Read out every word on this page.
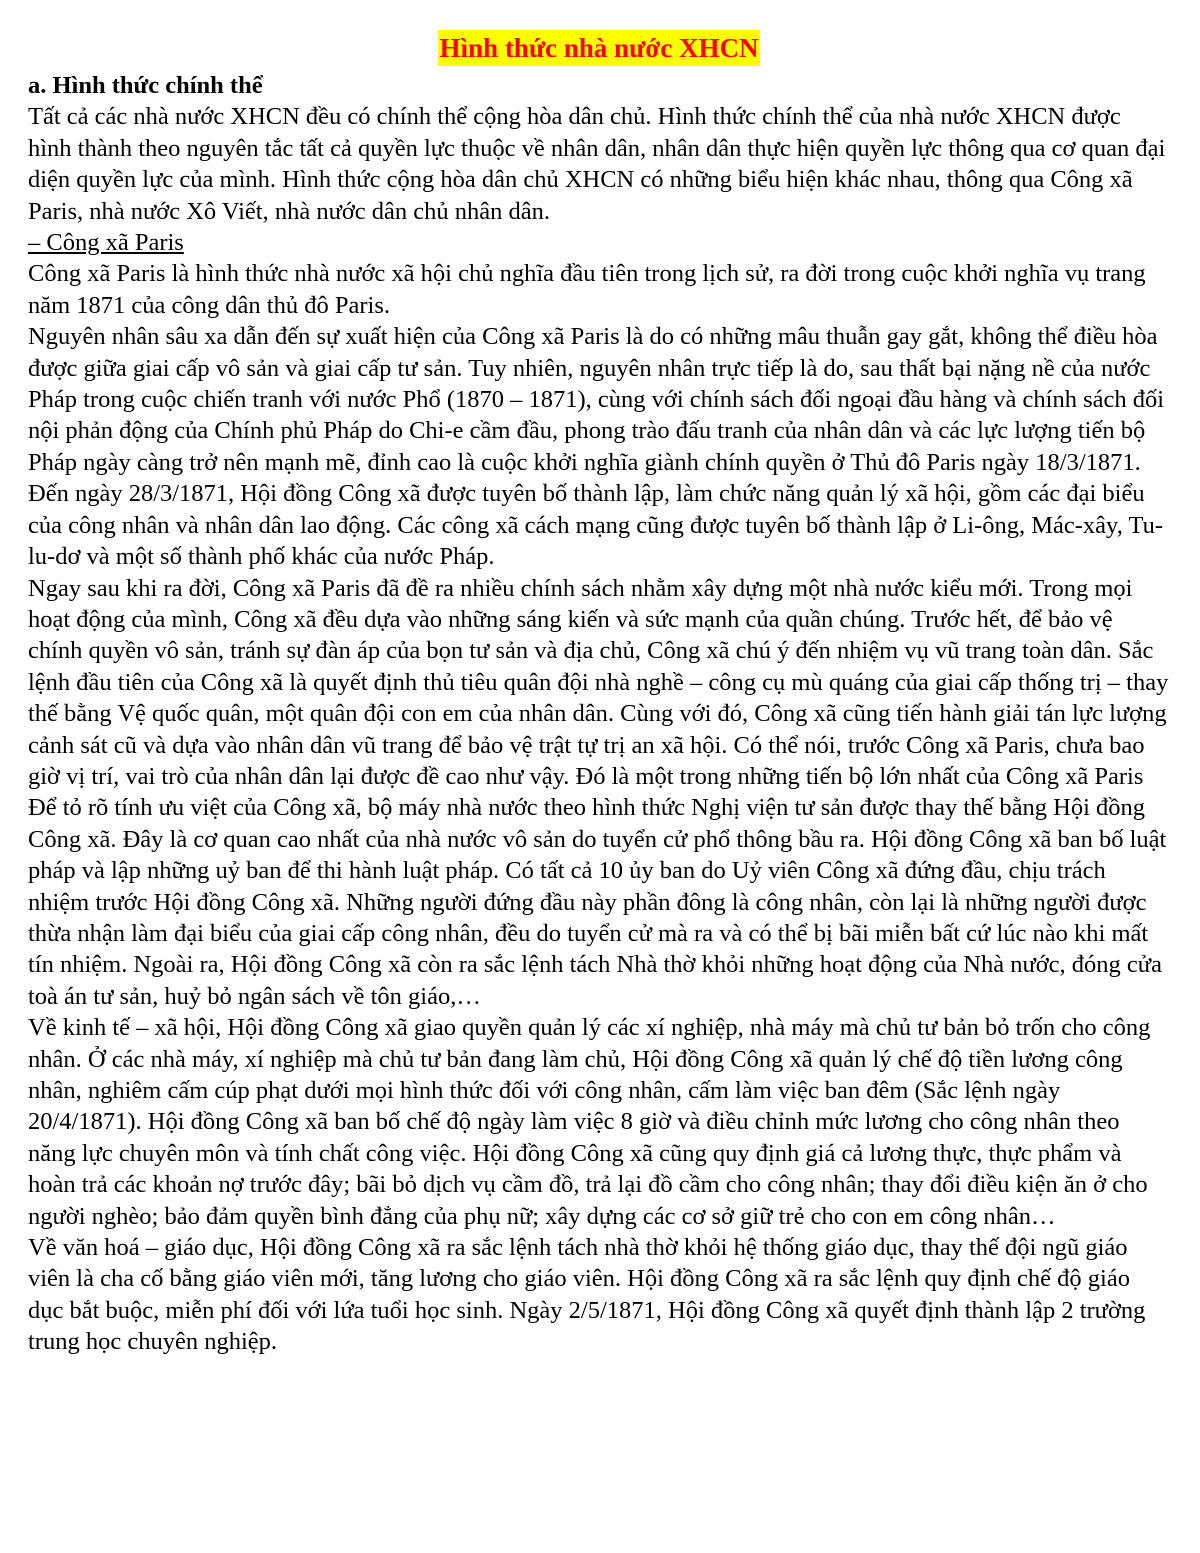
Hình thức nhà nước XHCN

a. Hình thức chính thể

Tất cả các nhà nước XHCN đều có chính thể cộng hòa dân chủ. Hình thức chính thể của nhà nước XHCN được hình thành theo nguyên tắc tất cả quyền lực thuộc về nhân dân, nhân dân thực hiện quyền lực thông qua cơ quan đại diện quyền lực của mình. Hình thức cộng hòa dân chủ XHCN có những biểu hiện khác nhau, thông qua Công xã Paris, nhà nước Xô Viết, nhà nước dân chủ nhân dân.

– Công xã Paris

Công xã Paris là hình thức nhà nước xã hội chủ nghĩa đầu tiên trong lịch sử, ra đời trong cuộc khởi nghĩa vụ trang năm 1871 của công dân thủ đô Paris.

Nguyên nhân sâu xa dẫn đến sự xuất hiện của Công xã Paris là do có những mâu thuẫn gay gắt, không thể điều hòa được giữa giai cấp vô sản và giai cấp tư sản. Tuy nhiên, nguyên nhân trực tiếp là do, sau thất bại nặng nề của nước Pháp trong cuộc chiến tranh với nước Phổ (1870 – 1871), cùng với chính sách đối ngoại đầu hàng và chính sách đối nội phản động của Chính phủ Pháp do Chi-e cầm đầu, phong trào đấu tranh của nhân dân và các lực lượng tiến bộ Pháp ngày càng trở nên mạnh mẽ, đỉnh cao là cuộc khởi nghĩa giành chính quyền ở Thủ đô Paris ngày 18/3/1871. Đến ngày 28/3/1871, Hội đồng Công xã được tuyên bố thành lập, làm chức năng quản lý xã hội, gồm các đại biểu của công nhân và nhân dân lao động. Các công xã cách mạng cũng được tuyên bố thành lập ở Li-ông, Mác-xây, Tu-lu-dơ và một số thành phố khác của nước Pháp.

Ngay sau khi ra đời, Công xã Paris đã đề ra nhiều chính sách nhằm xây dựng một nhà nước kiểu mới. Trong mọi hoạt động của mình, Công xã đều dựa vào những sáng kiến và sức mạnh của quần chúng. Trước hết, để bảo vệ chính quyền vô sản, tránh sự đàn áp của bọn tư sản và địa chủ, Công xã chú ý đến nhiệm vụ vũ trang toàn dân. Sắc lệnh đầu tiên của Công xã là quyết định thủ tiêu quân đội nhà nghề – công cụ mù quáng của giai cấp thống trị – thay thế bằng Vệ quốc quân, một quân đội con em của nhân dân. Cùng với đó, Công xã cũng tiến hành giải tán lực lượng cảnh sát cũ và dựa vào nhân dân vũ trang để bảo vệ trật tự trị an xã hội. Có thể nói, trước Công xã Paris, chưa bao giờ vị trí, vai trò của nhân dân lại được đề cao như vậy. Đó là một trong những tiến bộ lớn nhất của Công xã Paris

Để tỏ rõ tính ưu việt của Công xã, bộ máy nhà nước theo hình thức Nghị viện tư sản được thay thế bằng Hội đồng Công xã. Đây là cơ quan cao nhất của nhà nước vô sản do tuyển cử phổ thông bầu ra. Hội đồng Công xã ban bố luật pháp và lập những uỷ ban để thi hành luật pháp. Có tất cả 10 ủy ban do Uỷ viên Công xã đứng đầu, chịu trách nhiệm trước Hội đồng Công xã. Những người đứng đầu này phần đông là công nhân, còn lại là những người được thừa nhận làm đại biểu của giai cấp công nhân, đều do tuyển cử mà ra và có thể bị bãi miễn bất cứ lúc nào khi mất tín nhiệm. Ngoài ra, Hội đồng Công xã còn ra sắc lệnh tách Nhà thờ khỏi những hoạt động của Nhà nước, đóng cửa toà án tư sản, huỷ bỏ ngân sách về tôn giáo,…

Về kinh tế – xã hội, Hội đồng Công xã giao quyền quản lý các xí nghiệp, nhà máy mà chủ tư bản bỏ trốn cho công nhân. Ở các nhà máy, xí nghiệp mà chủ tư bản đang làm chủ, Hội đồng Công xã quản lý chế độ tiền lương công nhân, nghiêm cấm cúp phạt dưới mọi hình thức đối với công nhân, cấm làm việc ban đêm (Sắc lệnh ngày 20/4/1871). Hội đồng Công xã ban bố chế độ ngày làm việc 8 giờ và điều chỉnh mức lương cho công nhân theo năng lực chuyên môn và tính chất công việc. Hội đồng Công xã cũng quy định giá cả lương thực, thực phẩm và hoàn trả các khoản nợ trước đây; bãi bỏ dịch vụ cầm đồ, trả lại đồ cầm cho công nhân; thay đổi điều kiện ăn ở cho người nghèo; bảo đảm quyền bình đẳng của phụ nữ; xây dựng các cơ sở giữ trẻ cho con em công nhân…

Về văn hoá – giáo dục, Hội đồng Công xã ra sắc lệnh tách nhà thờ khỏi hệ thống giáo dục, thay thế đội ngũ giáo viên là cha cố bằng giáo viên mới, tăng lương cho giáo viên. Hội đồng Công xã ra sắc lệnh quy định chế độ giáo dục bắt buộc, miễn phí đối với lứa tuổi học sinh. Ngày 2/5/1871, Hội đồng Công xã quyết định thành lập 2 trường trung học chuyên nghiệp.
